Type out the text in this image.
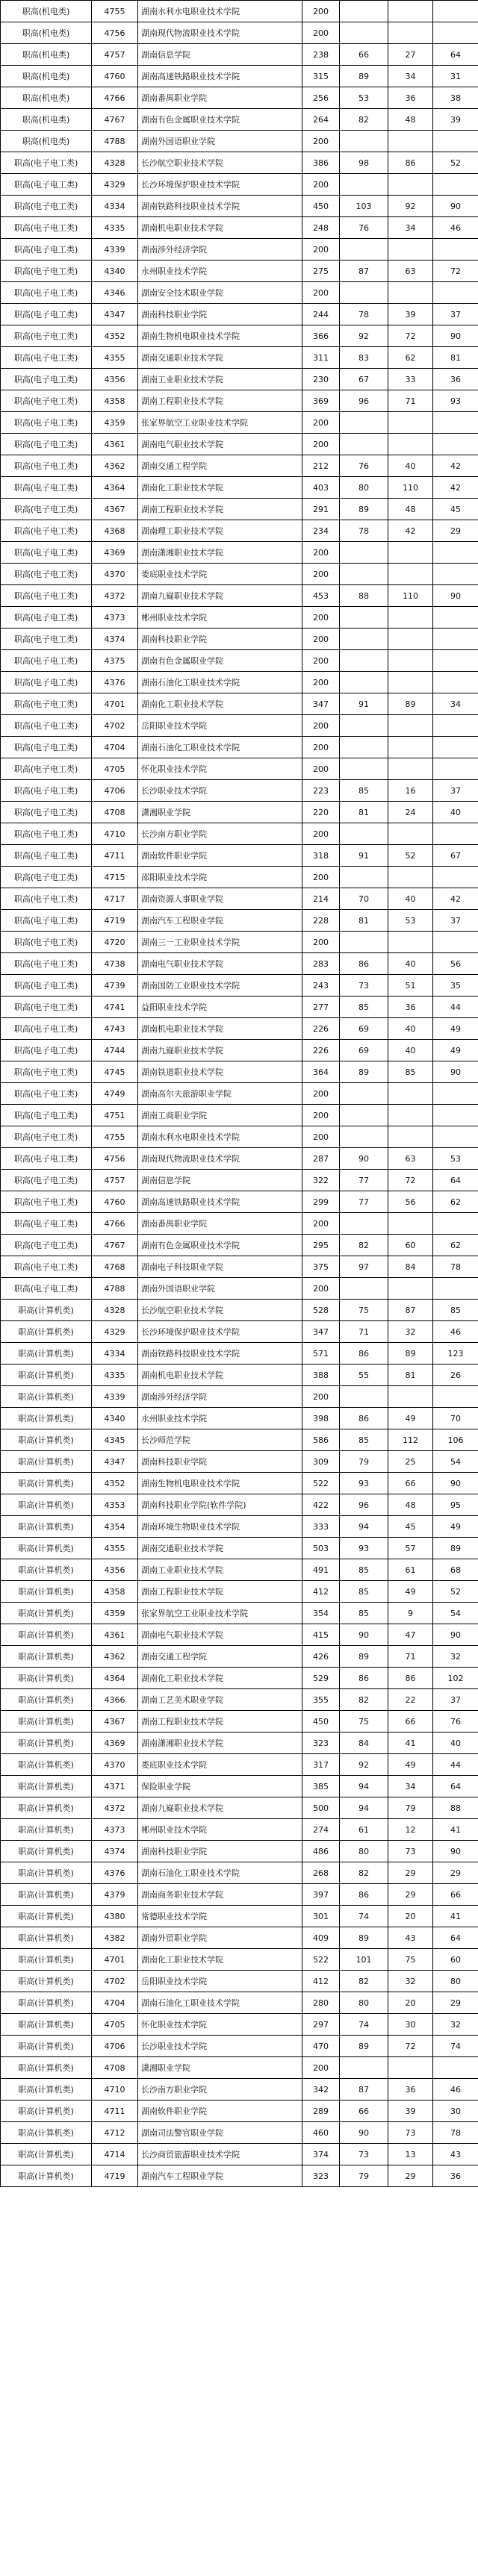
职高(机电类)	4755	湖南水利水电职业技术学院	200			
职高(机电类)	4756	湖南现代物流职业技术学院	200			
职高(机电类)	4757	湖南信息学院	238	66	27	64
职高(机电类)	4760	湖南高速铁路职业技术学院	315	89	34	31
职高(机电类)	4766	湖南番禺职业学院	256	53	36	38
职高(机电类)	4767	湖南有色金属职业技术学院	264	82	48	39
职高(机电类)	4788	湖南外国语职业学院	200			
职高(电子电工类)	4328	长沙航空职业技术学院	386	98	86	52
职高(电子电工类)	4329	长沙环境保护职业技术学院	200			
职高(电子电工类)	4334	湖南铁路科技职业技术学院	450	103	92	90
职高(电子电工类)	4335	湖南机电职业技术学院	248	76	34	46
职高(电子电工类)	4339	湖南涉外经济学院	200			
职高(电子电工类)	4340	永州职业技术学院	275	87	63	72
职高(电子电工类)	4346	湖南安全技术职业学院	200			
职高(电子电工类)	4347	湖南科技职业学院	244	78	39	37
职高(电子电工类)	4352	湖南生物机电职业技术学院	366	92	72	90
职高(电子电工类)	4355	湖南交通职业技术学院	311	83	62	81
职高(电子电工类)	4356	湖南工业职业技术学院	230	67	33	36
职高(电子电工类)	4358	湖南工程职业技术学院	369	96	71	93
职高(电子电工类)	4359	张家界航空工业职业技术学院	200			
职高(电子电工类)	4361	湖南电气职业技术学院	200			
职高(电子电工类)	4362	湖南交通工程学院	212	76	40	42
职高(电子电工类)	4364	湖南化工职业技术学院	403	80	110	42
职高(电子电工类)	4367	湖南工程职业技术学院	291	89	48	45
职高(电子电工类)	4368	湖南理工职业技术学院	234	78	42	29
职高(电子电工类)	4369	湖南潇湘职业技术学院	200			
职高(电子电工类)	4370	娄底职业技术学院	200			
职高(电子电工类)	4372	湖南九嶷职业技术学院	453	88	110	90
职高(电子电工类)	4373	郴州职业技术学院	200			
职高(电子电工类)	4374	湖南科技职业学院	200			
职高(电子电工类)	4375	湖南有色金属职业学院	200			
职高(电子电工类)	4376	湖南石油化工职业技术学院	200			
职高(电子电工类)	4701	湖南化工职业技术学院	347	91	89	34
职高(电子电工类)	4702	岳阳职业技术学院	200			
职高(电子电工类)	4704	湖南石油化工职业技术学院	200			
职高(电子电工类)	4705	怀化职业技术学院	200			
职高(电子电工类)	4706	长沙职业技术学院	223	85	16	37
职高(电子电工类)	4708	潇湘职业学院	220	81	24	40
职高(电子电工类)	4710	长沙南方职业学院	200			
职高(电子电工类)	4711	湖南软件职业学院	318	91	52	67
职高(电子电工类)	4715	邵阳职业技术学院	200			
职高(电子电工类)	4717	湖南资源人事职业学院	214	70	40	42
职高(电子电工类)	4719	湖南汽车工程职业学院	228	81	53	37
职高(电子电工类)	4720	湖南三一工业职业技术学院	200			
职高(电子电工类)	4738	湖南电气职业技术学院	283	86	40	56
职高(电子电工类)	4739	湖南国防工业职业技术学院	243	73	51	35
职高(电子电工类)	4741	益阳职业技术学院	277	85	36	44
职高(电子电工类)	4743	湖南机电职业技术学院	226	69	40	49
职高(电子电工类)	4744	湖南九嶷职业技术学院	226	69	40	49
职高(电子电工类)	4745	湖南铁道职业技术学院	364	89	85	90
职高(电子电工类)	4749	湖南高尔夫旅游职业学院	200			
职高(电子电工类)	4751	湖南工商职业学院	200			
职高(电子电工类)	4755	湖南水利水电职业技术学院	200			
职高(电子电工类)	4756	湖南现代物流职业技术学院	287	90	63	53
职高(电子电工类)	4757	湖南信息学院	322	77	72	64
职高(电子电工类)	4760	湖南高速铁路职业技术学院	299	77	56	62
职高(电子电工类)	4766	湖南番禺职业学院	200			
职高(电子电工类)	4767	湖南有色金属职业技术学院	295	82	60	62
职高(电子电工类)	4768	湖南电子科技职业学院	375	97	84	78
职高(电子电工类)	4788	湖南外国语职业学院	200			
职高(计算机类)	4328	长沙航空职业技术学院	528	75	87	85
职高(计算机类)	4329	长沙环境保护职业技术学院	347	71	32	46
职高(计算机类)	4334	湖南铁路科技职业技术学院	571	86	89	123
职高(计算机类)	4335	湖南机电职业技术学院	388	55	81	26
职高(计算机类)	4339	湖南涉外经济学院	200			
职高(计算机类)	4340	永州职业技术学院	398	86	49	70
职高(计算机类)	4345	长沙师范学院	586	85	112	106
职高(计算机类)	4347	湖南科技职业学院	309	79	25	54
职高(计算机类)	4352	湖南生物机电职业技术学院	522	93	66	90
职高(计算机类)	4353	湖南科技职业学院(软件学院)	422	96	48	95
职高(计算机类)	4354	湖南环境生物职业技术学院	333	94	45	49
职高(计算机类)	4355	湖南交通职业技术学院	503	93	57	89
职高(计算机类)	4356	湖南工业职业技术学院	491	85	61	68
职高(计算机类)	4358	湖南工程职业技术学院	412	85	49	52
职高(计算机类)	4359	张家界航空工业职业技术学院	354	85	9	54
职高(计算机类)	4361	湖南电气职业技术学院	415	90	47	90
职高(计算机类)	4362	湖南交通工程学院	426	89	71	32
职高(计算机类)	4364	湖南化工职业技术学院	529	86	86	102
职高(计算机类)	4366	湖南工艺美术职业学院	355	82	22	37
职高(计算机类)	4367	湖南工程职业技术学院	450	75	66	76
职高(计算机类)	4369	湖南潇湘职业技术学院	323	84	41	40
职高(计算机类)	4370	娄底职业技术学院	317	92	49	44
职高(计算机类)	4371	保险职业学院	385	94	34	64
职高(计算机类)	4372	湖南九嶷职业技术学院	500	94	79	88
职高(计算机类)	4373	郴州职业技术学院	274	61	12	41
职高(计算机类)	4374	湖南科技职业学院	486	80	73	90
职高(计算机类)	4376	湖南石油化工职业技术学院	268	82	29	29
职高(计算机类)	4379	湖南商务职业技术学院	397	86	29	66
职高(计算机类)	4380	常德职业技术学院	301	74	20	41
职高(计算机类)	4382	湖南外贸职业学院	409	89	43	64
职高(计算机类)	4701	湖南化工职业技术学院	522	101	75	60
职高(计算机类)	4702	岳阳职业技术学院	412	82	32	80
职高(计算机类)	4704	湖南石油化工职业技术学院	280	80	20	29
职高(计算机类)	4705	怀化职业技术学院	297	74	30	32
职高(计算机类)	4706	长沙职业技术学院	470	89	72	74
职高(计算机类)	4708	潇湘职业学院	200			
职高(计算机类)	4710	长沙南方职业学院	342	87	36	46
职高(计算机类)	4711	湖南软件职业学院	289	66	39	30
职高(计算机类)	4712	湖南司法警官职业学院	460	90	73	78
职高(计算机类)	4714	长沙商贸旅游职业技术学院	374	73	13	43
职高(计算机类)	4719	湖南汽车工程职业学院	323	79	29	36
